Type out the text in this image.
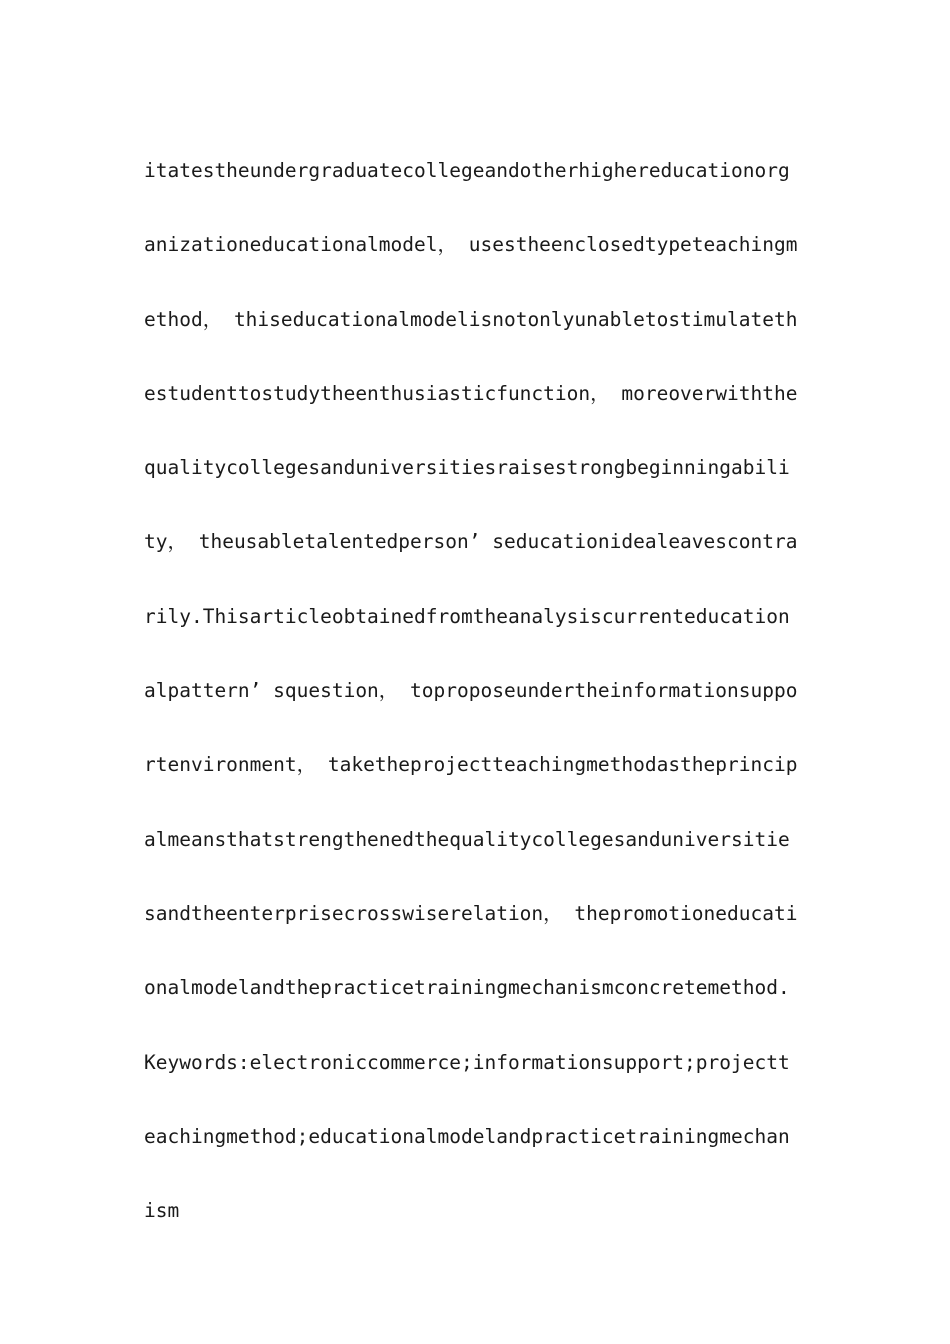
itatestheundergraduatecollegeandotherhighereducationorg
anizationeducationalmodel， usestheenclosedtypeteachingm
ethod， thiseducationalmodelisnotonlyunabletostimulateth
estudenttostudytheenthusiasticfunction， moreoverwiththe
qualitycollegesanduniversitiesraisestrongbeginningabili
ty， theusabletalentedperson’ seducationidealeavescontra
rily.Thisarticleobtainedfromtheanalysiscurrenteducation
alpattern’ squestion， toproposeundertheinformationsuppo
rtenvironment， taketheprojectteachingmethodastheprincip
almeansthatstrengthenedthequalitycollegesanduniversitie
sandtheenterprisecrosswiserelation， thepromotioneducati
onalmodelandthepracticetrainingmechanismconcretemethod.
Keywords:electroniccommerce;informationsupport;projectt
eachingmethod;educationalmodelandpracticetrainingmechan
ism
